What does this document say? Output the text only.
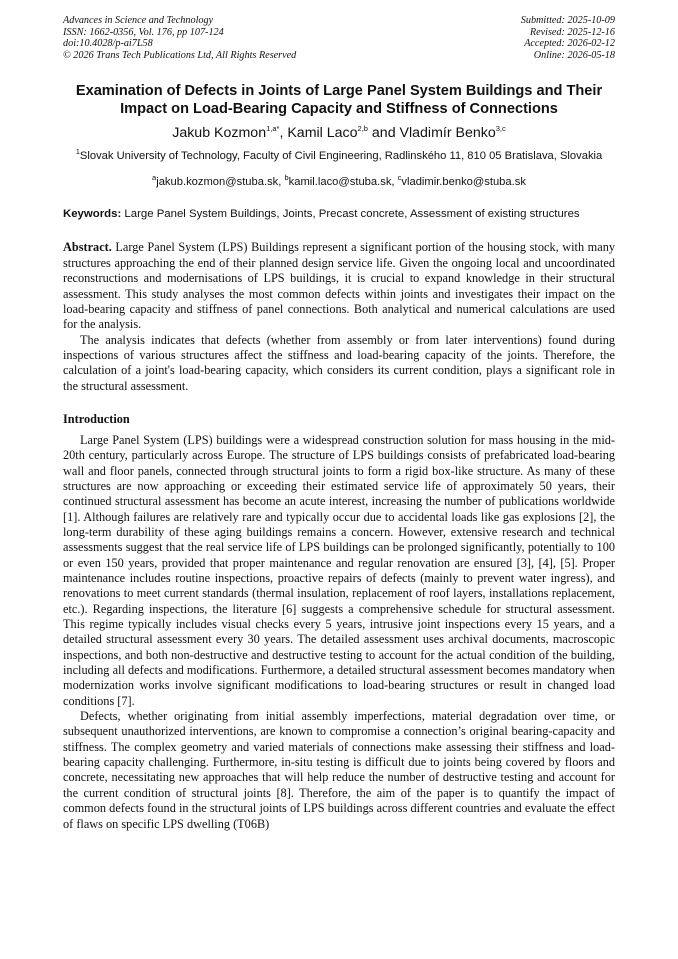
Advances in Science and Technology
ISSN: 1662-0356, Vol. 176, pp 107-124
doi:10.4028/p-ai7L58
© 2026 Trans Tech Publications Ltd, All Rights Reserved
Submitted: 2025-10-09
Revised: 2025-12-16
Accepted: 2026-02-12
Online: 2026-05-18
Examination of Defects in Joints of Large Panel System Buildings and Their Impact on Load-Bearing Capacity and Stiffness of Connections
Jakub Kozmon$^{1,a*}$, Kamil Laco$^{2,b}$ and Vladimír Benko$^{3,c}$
$^1$Slovak University of Technology, Faculty of Civil Engineering, Radlinského 11, 810 05 Bratislava, Slovakia
$^a$jakub.kozmon@stuba.sk, $^b$kamil.laco@stuba.sk, $^c$vladimir.benko@stuba.sk
Keywords: Large Panel System Buildings, Joints, Precast concrete, Assessment of existing structures

Abstract. Large Panel System (LPS) Buildings represent a significant portion of the housing stock, with many structures approaching the end of their planned design service life. Given the ongoing local and uncoordinated reconstructions and modernisations of LPS buildings, it is crucial to expand knowledge in their structural assessment. This study analyses the most common defects within joints and investigates their impact on the load-bearing capacity and stiffness of panel connections. Both analytical and numerical calculations are used for the analysis.

The analysis indicates that defects (whether from assembly or from later interventions) found during inspections of various structures affect the stiffness and load-bearing capacity of the joints. Therefore, the calculation of a joint's load-bearing capacity, which considers its current condition, plays a significant role in the structural assessment.

Introduction

Large Panel System (LPS) buildings were a widespread construction solution for mass housing in the mid-20th century, particularly across Europe. The structure of LPS buildings consists of prefabricated load-bearing wall and floor panels, connected through structural joints to form a rigid box-like structure. As many of these structures are now approaching or exceeding their estimated service life of approximately 50 years, their continued structural assessment has become an acute interest, increasing the number of publications worldwide [1]. Although failures are relatively rare and typically occur due to accidental loads like gas explosions [2], the long-term durability of these aging buildings remains a concern. However, extensive research and technical assessments suggest that the real service life of LPS buildings can be prolonged significantly, potentially to 100 or even 150 years, provided that proper maintenance and regular renovation are ensured [3], [4], [5]. Proper maintenance includes routine inspections, proactive repairs of defects (mainly to prevent water ingress), and renovations to meet current standards (thermal insulation, replacement of roof layers, installations replacement, etc.). Regarding inspections, the literature [6] suggests a comprehensive schedule for structural assessment. This regime typically includes visual checks every 5 years, intrusive joint inspections every 15 years, and a detailed structural assessment every 30 years. The detailed assessment uses archival documents, macroscopic inspections, and both non-destructive and destructive testing to account for the actual condition of the building, including all defects and modifications. Furthermore, a detailed structural assessment becomes mandatory when modernization works involve significant modifications to load-bearing structures or result in changed load conditions [7].

Defects, whether originating from initial assembly imperfections, material degradation over time, or subsequent unauthorized interventions, are known to compromise a connection’s original bearing-capacity and stiffness. The complex geometry and varied materials of connections make assessing their stiffness and load-bearing capacity challenging. Furthermore, in-situ testing is difficult due to joints being covered by floors and concrete, necessitating new approaches that will help reduce the number of destructive testing and account for the current condition of structural joints [8]. Therefore, the aim of the paper is to quantify the impact of common defects found in the structural joints of LPS buildings across different countries and evaluate the effect of flaws on specific LPS dwelling (T06B)
